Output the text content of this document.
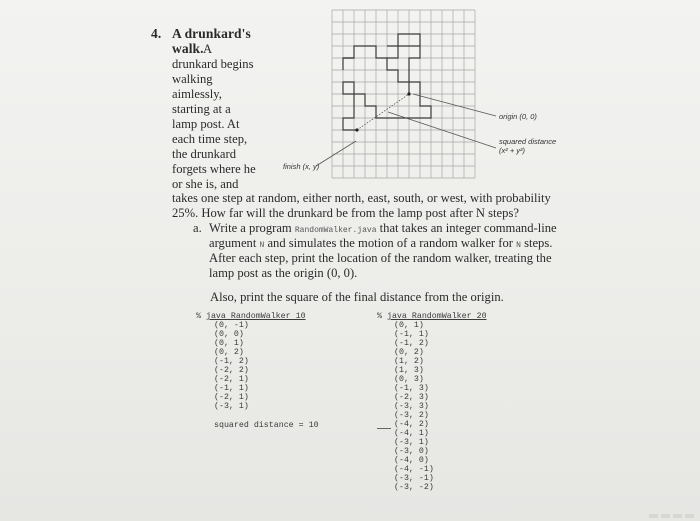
4. A drunkard's
walk. A
drunkard begins
walking
aimlessly,
starting at a
lamp post. At
each time step,
the drunkard
forgets where he
or she is, and
takes one step at random, either north, east, south, or west, with probability
25%. How far will the drunkard be from the lamp post after N steps?
a. Write a program RandomWalker.java that takes an integer command-line
argument N and simulates the motion of a random walker for N steps.
After each step, print the location of the random walker, treating the
lamp post as the origin (0, 0).
Also, print the square of the final distance from the origin.
origin (0, 0)
squared distance
(x² + y²)
finish (x, y)
% java RandomWalker 10
(0, -1)
(0, 0)
(0, 1)
(0, 2)
(-1, 2)
(-2, 2)
(-2, 1)
(-1, 1)
(-2, 1)
(-3, 1)
squared distance = 10
% java RandomWalker 20
(0, 1)
(-1, 1)
(-1, 2)
(0, 2)
(1, 2)
(1, 3)
(0, 3)
(-1, 3)
(-2, 3)
(-3, 3)
(-3, 2)
(-4, 2)
(-4, 1)
(-3, 1)
(-3, 0)
(-4, 0)
(-4, -1)
(-3, -1)
(-3, -2)
